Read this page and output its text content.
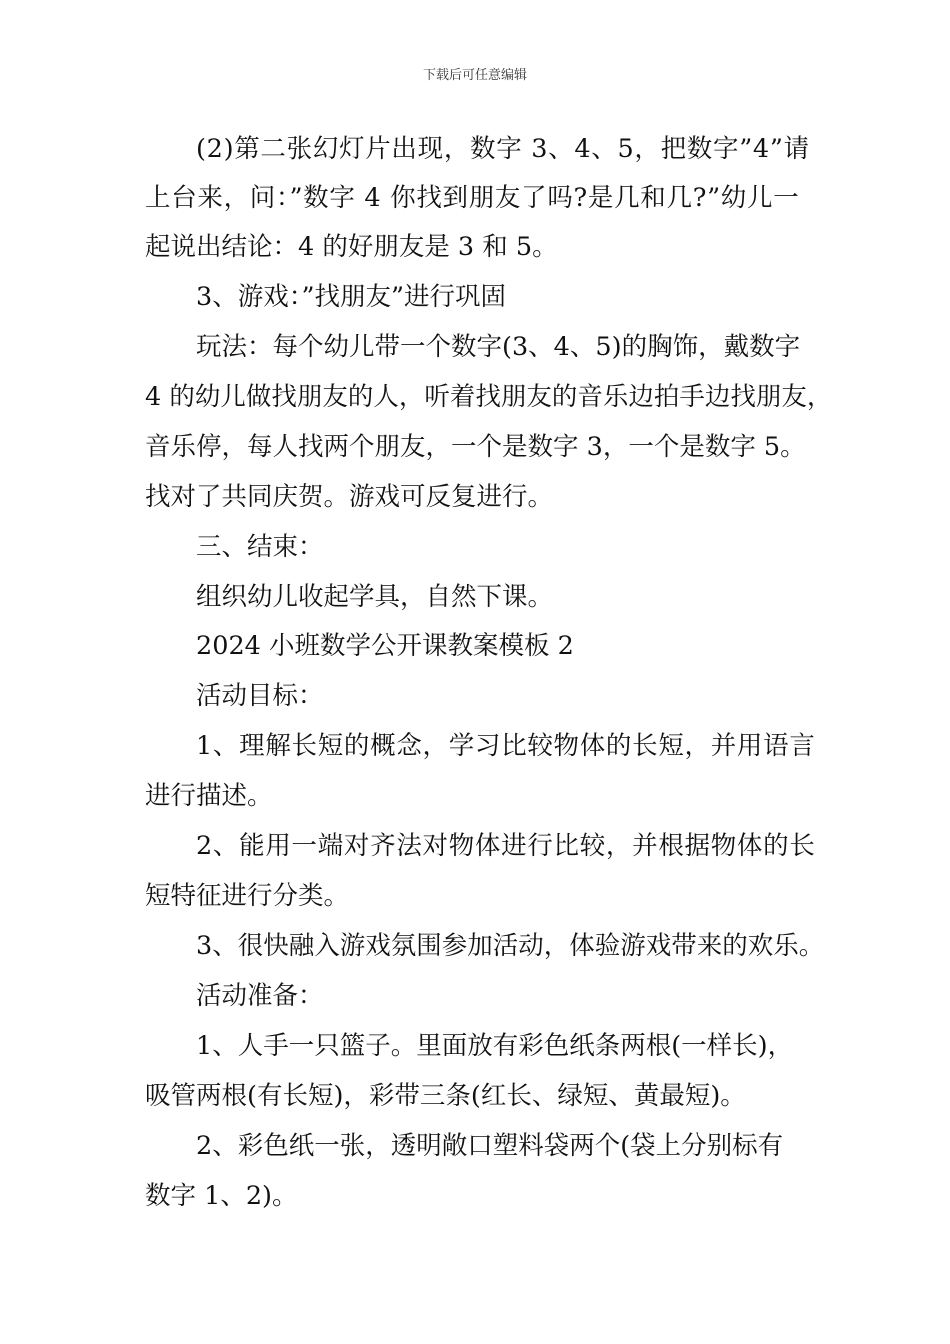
下载后可任意编辑
(2)第二张幻灯片出现，数字 3、4、5，把数字”4”请
上台来，问：”数字 4 你找到朋友了吗?是几和几?”幼儿一
起说出结论：4 的好朋友是 3 和 5。
3、游戏：”找朋友”进行巩固
玩法：每个幼儿带一个数字(3、4、5)的胸饰，戴数字
4 的幼儿做找朋友的人，听着找朋友的音乐边拍手边找朋友，
音乐停，每人找两个朋友，一个是数字 3，一个是数字 5。
找对了共同庆贺。游戏可反复进行。
三、结束：
组织幼儿收起学具，自然下课。
2024 小班数学公开课教案模板 2
活动目标：
1、理解长短的概念，学习比较物体的长短，并用语言
进行描述。
2、能用一端对齐法对物体进行比较，并根据物体的长
短特征进行分类。
3、很快融入游戏氛围参加活动，体验游戏带来的欢乐。
活动准备：
1、人手一只篮子。里面放有彩色纸条两根(一样长)，
吸管两根(有长短)，彩带三条(红长、绿短、黄最短)。
2、彩色纸一张，透明敞口塑料袋两个(袋上分别标有
数字 1、2)。
